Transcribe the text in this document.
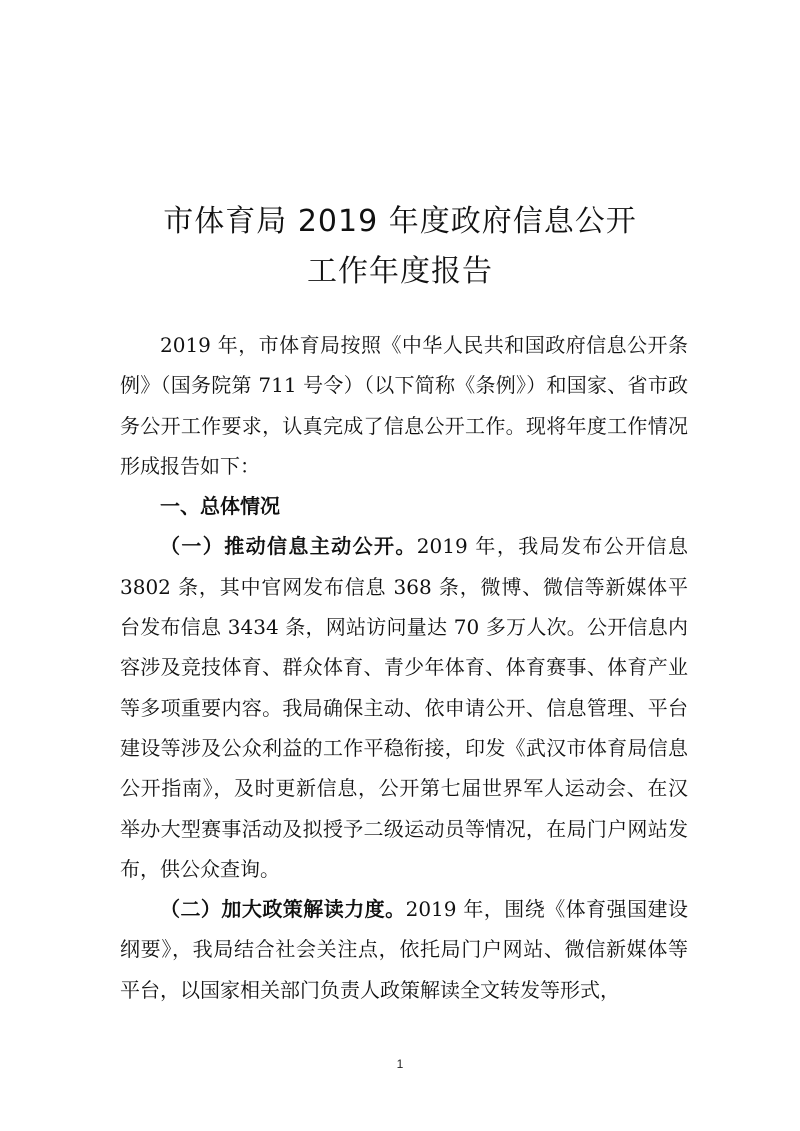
市体育局 2019 年度政府信息公开
工作年度报告

2019 年，市体育局按照《中华人民共和国政府信息公开条例》（国务院第 711 号令）（以下简称《条例》）和国家、省市政务公开工作要求，认真完成了信息公开工作。现将年度工作情况形成报告如下：

一、总体情况

（一）推动信息主动公开。2019 年，我局发布公开信息 3802 条，其中官网发布信息 368 条，微博、微信等新媒体平台发布信息 3434 条，网站访问量达 70 多万人次。公开信息内容涉及竞技体育、群众体育、青少年体育、体育赛事、体育产业等多项重要内容。我局确保主动、依申请公开、信息管理、平台建设等涉及公众利益的工作平稳衔接，印发《武汉市体育局信息公开指南》，及时更新信息，公开第七届世界军人运动会、在汉举办大型赛事活动及拟授予二级运动员等情况，在局门户网站发布，供公众查询。

（二）加大政策解读力度。2019 年，围绕《体育强国建设纲要》，我局结合社会关注点，依托局门户网站、微信新媒体等平台，以国家相关部门负责人政策解读全文转发等形式，

1
